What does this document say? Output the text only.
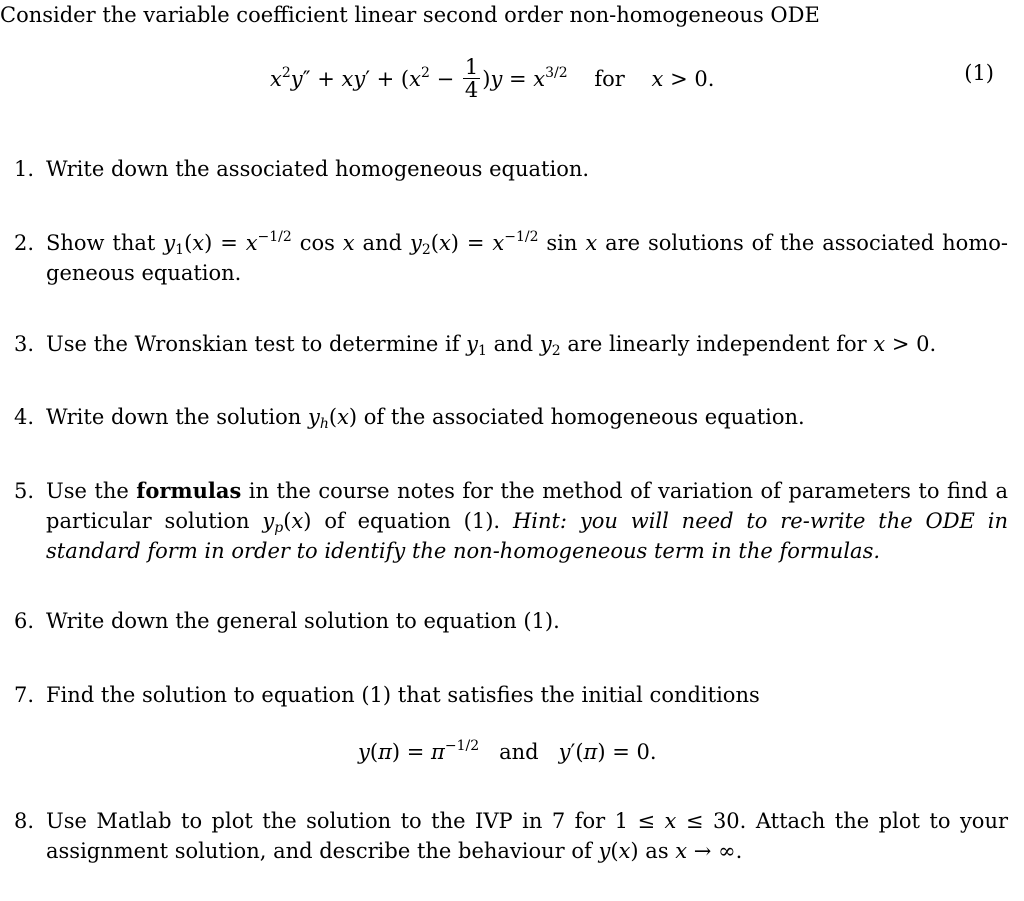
Consider the variable coefficient linear second order non-homogeneous ODE
$x^2y'' + xy' + (x^2 - \frac{1}{4} )y = x^{3/2}$ for    x > 0.	(1)
1. Write down the associated homogeneous equation.
2. Show that $y_1(x) = x^{-1/2}$ cos x and $y_2(x) = x^{-1/2}$ sin x are solutions of the associated homo-geneous equation.
3. Use the Wronskian test to determine if $y_1$ and $y_2$ are linearly independent for x > 0.
4. Write down the solution $y_h(x)$ of the associated homogeneous equation.
5. Use the formulas in the course notes for the method of variation of parameters to find a particular solution $y_p(x)$ of equation (1). Hint: you will need to re-write the ODE in standard form in order to identify the non-homogeneous term in the formulas.
6. Write down the general solution to equation (1).
7. Find the solution to equation (1) that satisfies the initial conditions
$y(\pi) = \pi^{-1/2}$ and y′(π) = 0.
8. Use Matlab to plot the solution to the IVP in 7 for 1 ≤ x ≤ 30. Attach the plot to your assignment solution, and describe the behaviour of y(x) as x → ∞.
